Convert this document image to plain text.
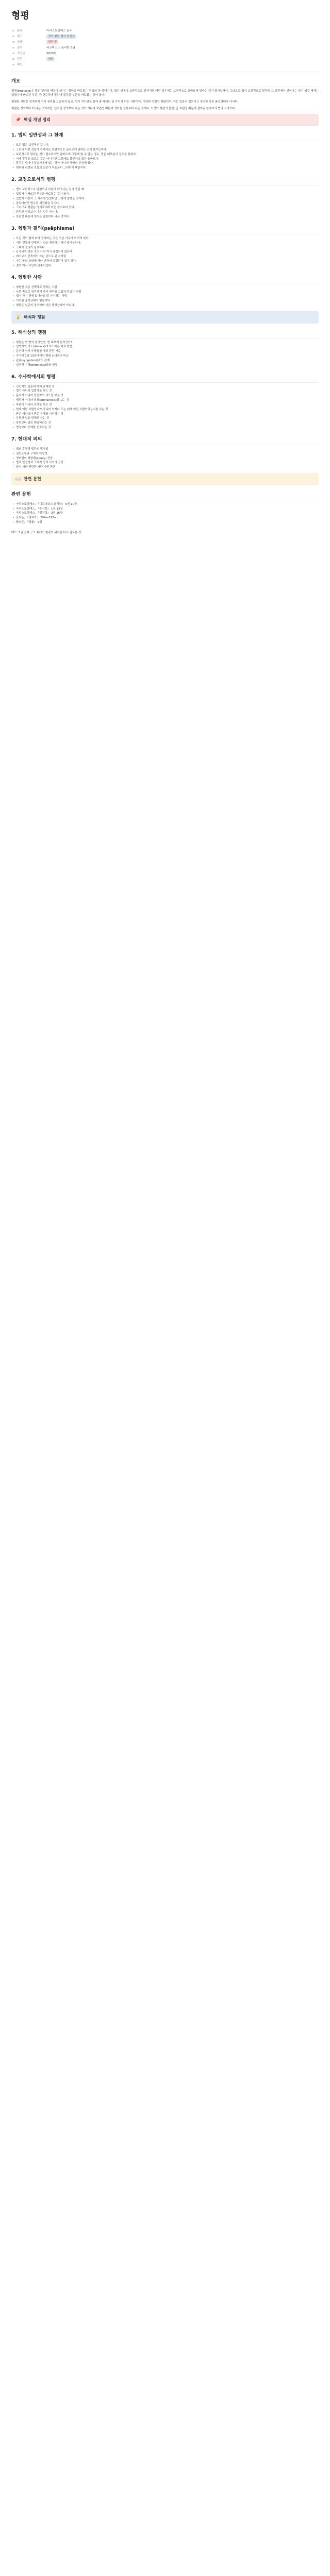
형평
≡ 분류	아리스토텔레스 윤리
≡ 태그	정의·형평·법의 일반성
≡ 상태	정리 중
≡ 출처	니코마코스 윤리학 5권
≡ 작성일	2023년
≡ 관련	정의
≡ 메모
개요
형평(ἐπιείκεια)은 법의 일반성 때문에 생기는 결함을 바로잡는 정의의 한 형태이다. 법은 언제나 보편적으로 말하지만 어떤 경우에는 보편적으로 올바르게 말하는 것이 불가능하다. 그러므로 법이 보편적으로 말하되 그 보편에서 벗어나는 일이 생길 때에는 입법자가 빠뜨린 부분, 즉 단순하게 말하여 잘못한 부분을 바로잡는 것이 옳다.
형평한 사람은 엄격하게 자기 권리를 고집하지 않고, 법이 자기편을 들어 줄 때에도 덜 가지려 하는 사람이다. 이러한 성향이 형평이며, 이는 일종의 정의이고 정의와 다른 품성상태가 아니다.
형평은 정의보다 더 나은 것이지만, 단적인 정의보다 나은 것이 아니라 보편성 때문에 생기는 잘못보다 나은 것이다. 이것이 형평의 본성, 곧 보편성 때문에 결여된 한에서의 법의 교정이다.
📌 핵심 개념 정리
1. 법의 일반성과 그 한계
• 모든 법은 보편적인 것이다.
• 그러나 어떤 것들에 관해서는 보편적으로 올바르게 말하는 것이 불가능하다.
• 보편적으로 말하는 것이 필요하지만 올바르게 그렇게 할 수 없는 경우, 법은 대부분의 경우를 취한다.
• 이때 잘못을 모르는 것은 아니지만 그럼에도 불구하고 법은 올바르다.
• 잘못은 법이나 입법자에게 있는 것이 아니라 사안의 본성에 있다.
• 행위와 관련된 것들의 질료가 처음부터 그러하기 때문이다.
2. 교정으로서의 형평
• 법이 보편적으로 말했으나 보편에 어긋나는 일이 생길 때
• 입법자가 빠뜨린 부분을 바로잡는 것이 옳다.
• 입법자 자신이 그 자리에 있었다면 그렇게 말했을 것이다.
• 알았더라면 법으로 제정했을 것이다.
• 그러므로 형평은 정의로우며 어떤 정의보다 낫다.
• 단적인 정의보다 나은 것은 아니다.
• 보편성 때문에 생기는 잘못보다 나은 것이다.
3. 형평과 결의(psēphisma)
• 모든 것이 법에 따라 정해지는 것은 아닌 이유가 여기에 있다.
• 어떤 것들에 관해서는 법을 제정하는 것이 불가능하다.
• 그래서 결의가 필요하다.
• 규정되지 않은 것의 규칙 역시 규정되지 않는다.
• 레스보스 건축에서 쓰는 납으로 된 자처럼
• 자는 돌의 모양에 따라 변하며 고정되어 있지 않다.
• 결의 역시 사안에 맞추어진다.
4. 형평한 사람
• 형평한 것을 선택하고 행하는 사람
• 나쁜 쪽으로 엄격하게 자기 권리를 고집하지 않는 사람
• 법이 자기 편에 있더라도 덜 가지려는 사람
• 이러한 품성상태가 형평이다.
• 형평은 일종의 정의이며 다른 품성상태가 아니다.
💡 해석과 쟁점
5. 해석상의 쟁점
• 형평은 법 밖의 원리인가, 법 내부의 원리인가?
• 입법자의 의도(dianoia)에 호소하는 해석 방법
• 문언과 취지가 충돌할 때의 판단 기준
• 수사학 1권 13장에서의 형평 논의와의 비교
• 관용(syngnōmē)과의 관계
• 실천적 지혜(phronēsis)와의 연결
6. 수사학에서의 형평
• 인간적인 일들에 대해 관대한 것
• 법이 아니라 입법자를 보는 것
• 문자가 아니라 입법자의 의도를 보는 것
• 행위가 아니라 의도(prohairesis)를 보는 것
• 부분이 아니라 전체를 보는 것
• 현재 어떤 사람인지가 아니라 언제나 또는 대개 어떤 사람이었는지를 보는 것
• 받은 해악보다 받은 은혜를 기억하는 것
• 부당한 일을 당해도 참는 것
• 폭력보다 말로 해결하려는 것
• 법정보다 중재를 선호하는 것
7. 현대적 의의
• 법의 흠결과 법관의 법형성
• 일반조항과 구체적 타당성
• 영미법의 형평법(equity) 전통
• 법적 안정성과 구체적 정의 사이의 긴장
• 규칙 기반 판단과 재량 기반 판단
📖 관련 문헌
관련 문헌
• 아리스토텔레스, 『니코마코스 윤리학』 5권 10장
• 아리스토텔레스, 『수사학』 1권 13장
• 아리스토텔레스, 『정치학』 3권 16장
• 플라톤, 『정치가』 294a–295a
• 플라톤, 『법률』 9권
메모: 5권 전체 구조 속에서 형평의 위치를 다시 검토할 것.
